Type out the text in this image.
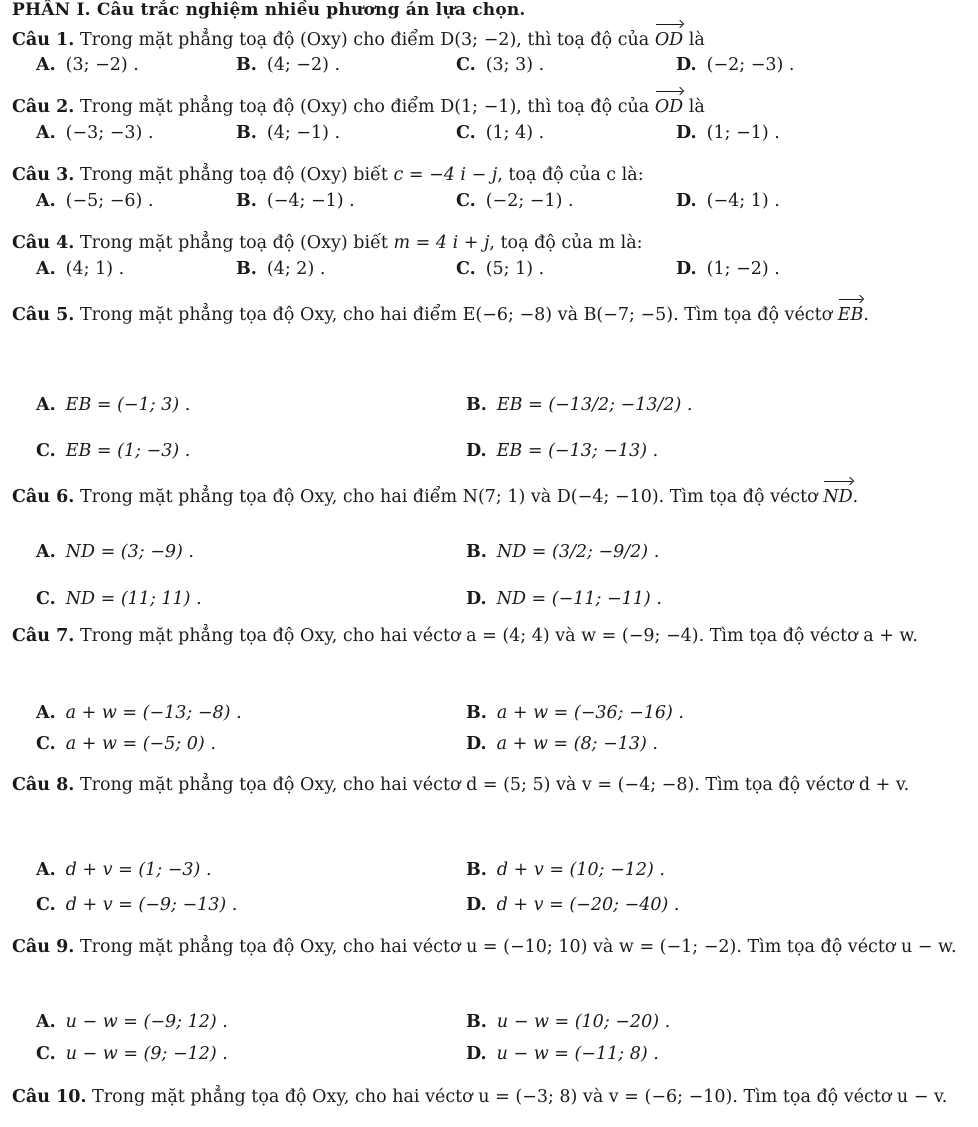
PHẦN I. Câu trắc nghiệm nhiều phương án lựa chọn.
Câu 1. Trong mặt phẳng toạ độ (Oxy) cho điểm D(3; −2), thì toạ độ của OD là
A. (3; −2) .	B. (4; −2) .	C. (3; 3) .	D. (−2; −3) .
Câu 2. Trong mặt phẳng toạ độ (Oxy) cho điểm D(1; −1), thì toạ độ của OD là
A. (−3; −3) .	B. (4; −1) .	C. (1; 4) .	D. (1; −1) .
Câu 3. Trong mặt phẳng toạ độ (Oxy) biết c = −4 i − j, toạ độ của c là:
A. (−5; −6) .	B. (−4; −1) .	C. (−2; −1) .	D. (−4; 1) .
Câu 4. Trong mặt phẳng toạ độ (Oxy) biết m = 4 i + j, toạ độ của m là:
A. (4; 1) .	B. (4; 2) .	C. (5; 1) .	D. (1; −2) .
Câu 5. Trong mặt phẳng tọa độ Oxy, cho hai điểm E(−6; −8) và B(−7; −5). Tìm tọa độ véctơ EB.
A. EB = (−1; 3) .	B. EB = (−13/2; −13/2) .
C. EB = (1; −3) .	D. EB = (−13; −13) .
Câu 6. Trong mặt phẳng tọa độ Oxy, cho hai điểm N(7; 1) và D(−4; −10). Tìm tọa độ véctơ ND.
A. ND = (3; −9) .	B. ND = (3/2; −9/2) .
C. ND = (11; 11) .	D. ND = (−11; −11) .
Câu 7. Trong mặt phẳng tọa độ Oxy, cho hai véctơ a = (4; 4) và w = (−9; −4). Tìm tọa độ véctơ a + w.
A. a + w = (−13; −8) .	B. a + w = (−36; −16) .
C. a + w = (−5; 0) .	D. a + w = (8; −13) .
Câu 8. Trong mặt phẳng tọa độ Oxy, cho hai véctơ d = (5; 5) và v = (−4; −8). Tìm tọa độ véctơ d + v.
A. d + v = (1; −3) .	B. d + v = (10; −12) .
C. d + v = (−9; −13) .	D. d + v = (−20; −40) .
Câu 9. Trong mặt phẳng tọa độ Oxy, cho hai véctơ u = (−10; 10) và w = (−1; −2). Tìm tọa độ véctơ u − w.
A. u − w = (−9; 12) .	B. u − w = (10; −20) .
C. u − w = (9; −12) .	D. u − w = (−11; 8) .
Câu 10. Trong mặt phẳng tọa độ Oxy, cho hai véctơ u = (−3; 8) và v = (−6; −10). Tìm tọa độ véctơ u − v.
